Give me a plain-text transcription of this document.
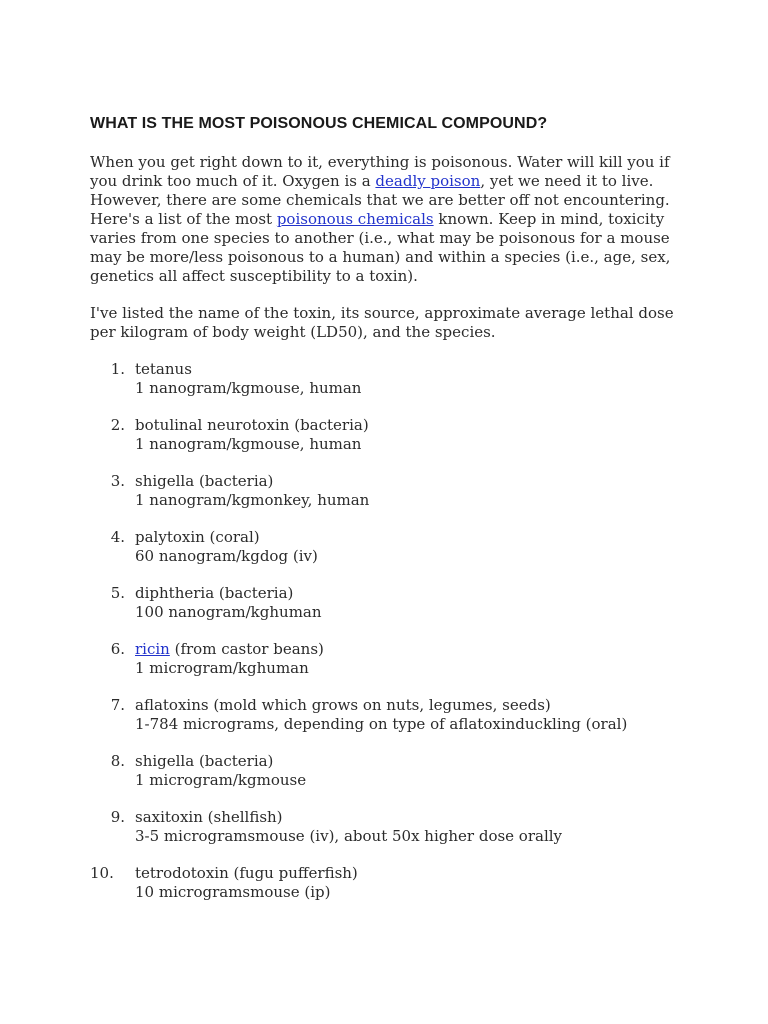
WHAT IS THE MOST POISONOUS CHEMICAL COMPOUND?

When you get right down to it, everything is poisonous. Water will kill you if you drink too much of it. Oxygen is a deadly poison, yet we need it to live. However, there are some chemicals that we are better off not encountering. Here's a list of the most poisonous chemicals known. Keep in mind, toxicity varies from one species to another (i.e., what may be poisonous for a mouse may be more/less poisonous to a human) and within a species (i.e., age, sex, genetics all affect susceptibility to a toxin).

I've listed the name of the toxin, its source, approximate average lethal dose per kilogram of body weight (LD50), and the species.

1. tetanus
1 nanogram/kgmouse, human
2. botulinal neurotoxin (bacteria)
1 nanogram/kgmouse, human
3. shigella (bacteria)
1 nanogram/kgmonkey, human
4. palytoxin (coral)
60 nanogram/kgdog (iv)
5. diphtheria (bacteria)
100 nanogram/kghuman
6. ricin (from castor beans)
1 microgram/kghuman
7. aflatoxins (mold which grows on nuts, legumes, seeds)
1-784 micrograms, depending on type of aflatoxinduckling (oral)
8. shigella (bacteria)
1 microgram/kgmouse
9. saxitoxin (shellfish)
3-5 microgramsmouse (iv), about 50x higher dose orally
10.	tetrodotoxin (fugu pufferfish)
10 microgramsmouse (ip)
